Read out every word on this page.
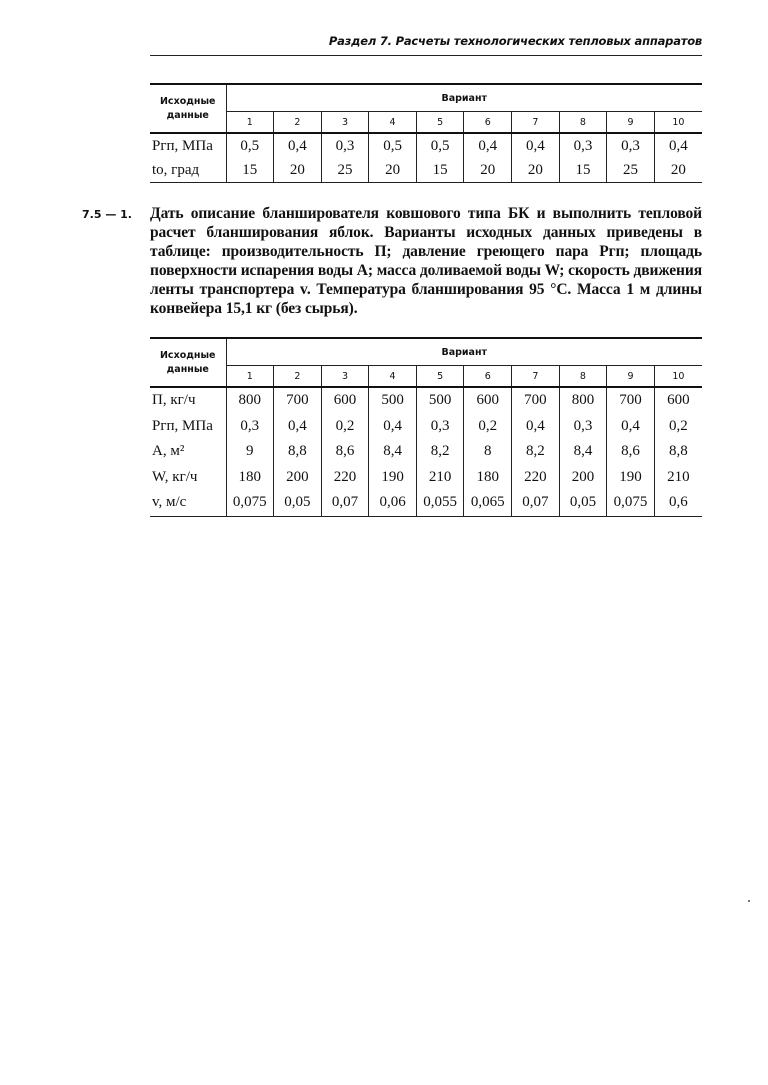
Раздел 7. Расчеты технологических тепловых аппаратов
Исходные данные	Вариант									
	1	2	3	4	5	6	7	8	9	10
Pгп, МПа	0,5	0,4	0,3	0,5	0,5	0,4	0,4	0,3	0,3	0,4
tо, град	15	20	25	20	15	20	20	15	25	20
7.5 — 1. Дать описание бланширователя ковшового типа БК и выполнить тепловой расчет бланширования яблок. Варианты исходных данных приведены в таблице: производительность П; давление греющего пара Pгп; площадь поверхности испарения воды A; масса доливаемой воды W; скорость движения ленты транспортера v. Температура бланширования 95 °С. Масса 1 м длины конвейера 15,1 кг (без сырья).
Исходные данные	Вариант									
	1	2	3	4	5	6	7	8	9	10
П, кг/ч	800	700	600	500	500	600	700	800	700	600
Pгп, МПа	0,3	0,4	0,2	0,4	0,3	0,2	0,4	0,3	0,4	0,2
A, м²	9	8,8	8,6	8,4	8,2	8	8,2	8,4	8,6	8,8
W, кг/ч	180	200	220	190	210	180	220	200	190	210
v, м/с	0,075	0,05	0,07	0,06	0,055	0,065	0,07	0,05	0,075	0,6
